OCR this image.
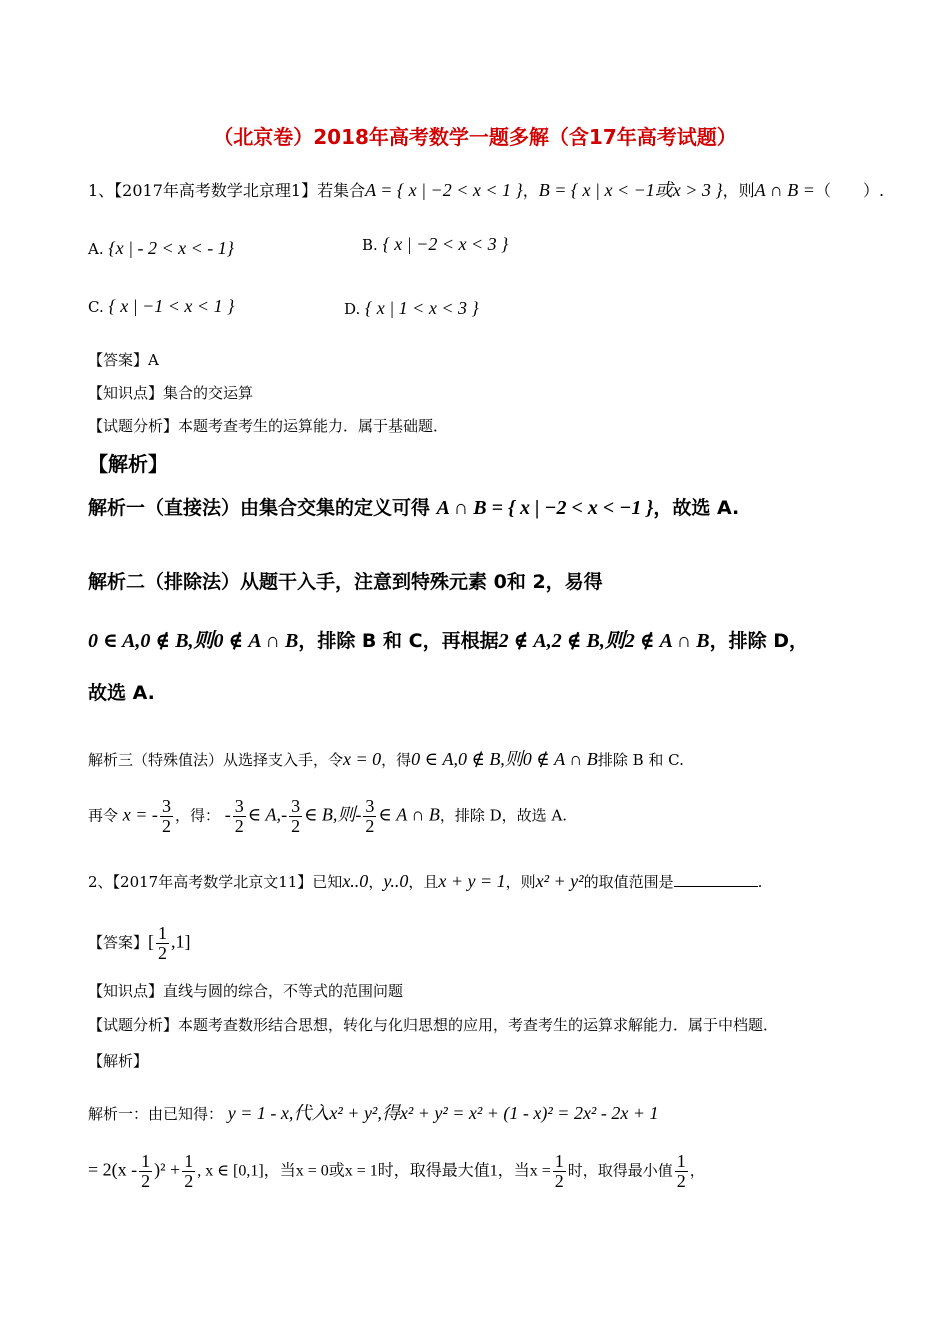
（北京卷）2018年高考数学一题多解（含17年高考试题）
1、【2017年高考数学北京理1】若集合A = { x | −2 < x < 1 }，B = { x | x < −1或x > 3 }，则A ∩ B =（　　）.
A. {x | - 2 < x < - 1}	B. { x | −2 < x < 3 }
C. { x | −1 < x < 1 }	D. { x | 1 < x < 3 }
【答案】A
【知识点】集合的交运算
【试题分析】本题考查考生的运算能力．属于基础题．
【解析】
解析一（直接法）由集合交集的定义可得 A ∩ B = { x | −2 < x < −1 }，故选 A.
解析二（排除法）从题干入手，注意到特殊元素 0和 2，易得
0 ∈ A,0 ∉ B,则0 ∉ A ∩ B，排除 B 和 C，再根据2 ∉ A,2 ∉ B,则2 ∉ A ∩ B，排除 D，
故选 A.
解析三（特殊值法）从选择支入手，令x = 0，得0 ∈ A,0 ∉ B,则0 ∉ A ∩ B排除 B 和 C.
再令 x = - $\frac{3}{2}$ ，得： - $\frac{3}{2}$ ∈ $A,- \frac{3}{2}$ ∈ B,则- $\frac{3}{2}$ ∈ A ∩ B，排除 D，故选 A.
2、【2017年高考数学北京文11】已知x..0，y..0，且x + y = 1，则x² + y²的取值范围是	.
【答案】[ $\frac{1}{2} ,1$]
【知识点】直线与圆的综合，不等式的范围问题
【试题分析】本题考查数形结合思想，转化与化归思想的应用，考查考生的运算求解能力．属于中档题．
【解析】
解析一：由已知得： y = 1 - x,代入x² + y²,得x² + y² = x² + (1 - x)² = 2x² - 2x + 1
= $2(x - \frac{1}{2} )^2 + \frac{1}{2}$ , x ∈ [0,1]，当x = 0或x = 1时，取得最大值1，当$x = \frac{1}{2}$ 时，取得最小值 $\frac{1}{2}$ ，
